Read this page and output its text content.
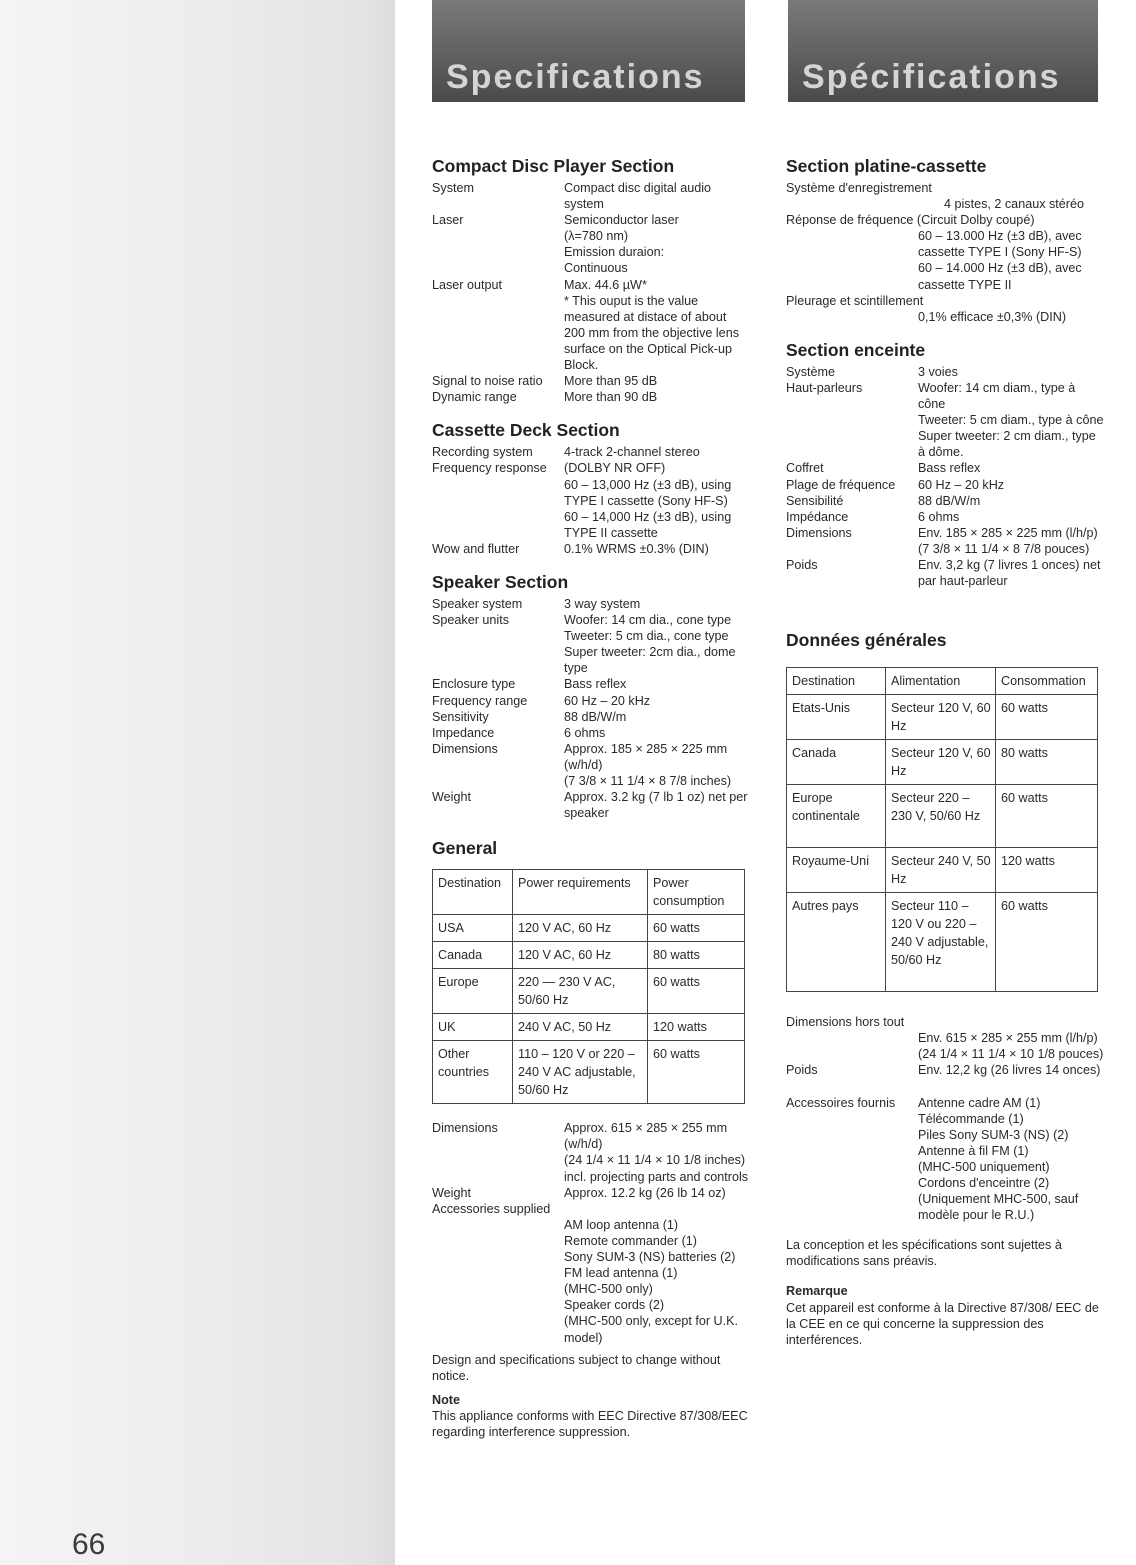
66
Specifications	Spécifications
Compact Disc Player Section
System	Compact disc digital audio system
Laser	Semiconductor laser
(λ=780 nm)
Emission duraion:
Continuous
Laser output	Max. 44.6 µW*
* This ouput is the value measured at distace of about 200 mm from the objective lens surface on the Optical Pick-up Block.
Signal to noise ratio	More than 95 dB
Dynamic range	More than 90 dB
Cassette Deck Section
Recording system	4-track 2-channel stereo
Frequency response	(DOLBY NR OFF)
60 – 13,000 Hz (±3 dB), using TYPE I cassette (Sony HF-S)
60 – 14,000 Hz (±3 dB), using TYPE II cassette
Wow and flutter	0.1% WRMS ±0.3% (DIN)
Speaker Section
Speaker system	3 way system
Speaker units	Woofer: 14 cm dia., cone type
Tweeter: 5 cm dia., cone type
Super tweeter: 2cm dia., dome type
Enclosure type	Bass reflex
Frequency range	60 Hz – 20 kHz
Sensitivity	88 dB/W/m
Impedance	6 ohms
Dimensions	Approx. 185 × 285 × 225 mm (w/h/d)
(7 3/8 × 11 1/4 × 8 7/8 inches)
Weight	Approx. 3.2 kg (7 lb 1 oz) net per speaker
General
Destination	Power requirements	Power consumption
USA	120 V AC, 60 Hz	60 watts
Canada	120 V AC, 60 Hz	80 watts
Europe	220 — 230 V AC, 50/60 Hz	60 watts
UK	240 V AC, 50 Hz	120 watts
Other countries	110 – 120 V or 220 – 240 V AC adjustable, 50/60 Hz	60 watts
Dimensions	Approx. 615 × 285 × 255 mm (w/h/d)
(24 1/4 × 11 1/4 × 10 1/8 inches)
incl. projecting parts and controls
Weight	Approx. 12.2 kg (26 lb 14 oz)
Accessories supplied
AM loop antenna (1)
Remote commander (1)
Sony SUM-3 (NS) batteries (2)
FM lead antenna (1)
(MHC-500 only)
Speaker cords (2)
(MHC-500 only, except for U.K. model)

Design and specifications subject to change without notice.

Note

This appliance conforms with EEC Directive 87/308/EEC regarding interference suppression.

Section platine-cassette
Système d'enregistrement
4 pistes, 2 canaux stéréo
Réponse de fréquence (Circuit Dolby coupé)
60 – 13.000 Hz (±3 dB), avec cassette TYPE I (Sony HF-S)
60 – 14.000 Hz (±3 dB), avec cassette TYPE II
Pleurage et scintillement
0,1% efficace ±0,3% (DIN)
Section enceinte
Système	3 voies
Haut-parleurs	Woofer: 14 cm diam., type à cône
Tweeter: 5 cm diam., type à cône
Super tweeter: 2 cm diam., type à dôme.
Coffret	Bass reflex
Plage de fréquence	60 Hz – 20 kHz
Sensibilité	88 dB/W/m
Impédance	6 ohms
Dimensions	Env. 185 × 285 × 225 mm (l/h/p)
(7 3/8 × 11 1/4 × 8 7/8 pouces)
Poids	Env. 3,2 kg (7 livres 1 onces) net par haut-parleur
Données générales
Destination	Alimentation	Consommation
Etats-Unis	Secteur 120 V, 60 Hz	60 watts
Canada	Secteur 120 V, 60 Hz	80 watts
Europe continentale	Secteur 220 – 230 V, 50/60 Hz	60 watts
Royaume-Uni	Secteur 240 V, 50 Hz	120 watts
Autres pays	Secteur 110 – 120 V ou 220 – 240 V adjustable, 50/60 Hz	60 watts
Dimensions hors tout
Env. 615 × 285 × 255 mm (l/h/p)
(24 1/4 × 11 1/4 × 10 1/8 pouces)
Poids	Env. 12,2 kg (26 livres 14 onces)
Accessoires fournis	Antenne cadre AM (1)
Télécommande (1)
Piles Sony SUM-3 (NS) (2)
Antenne à fil FM (1)
(MHC-500 uniquement)
Cordons d'enceintre (2)
(Uniquement MHC-500, sauf modèle pour le R.U.)

La conception et les spécifications sont sujettes à modifications sans préavis.

Remarque

Cet appareil est conforme à la Directive 87/308/ EEC de la CEE en ce qui concerne la suppression des interférences.
